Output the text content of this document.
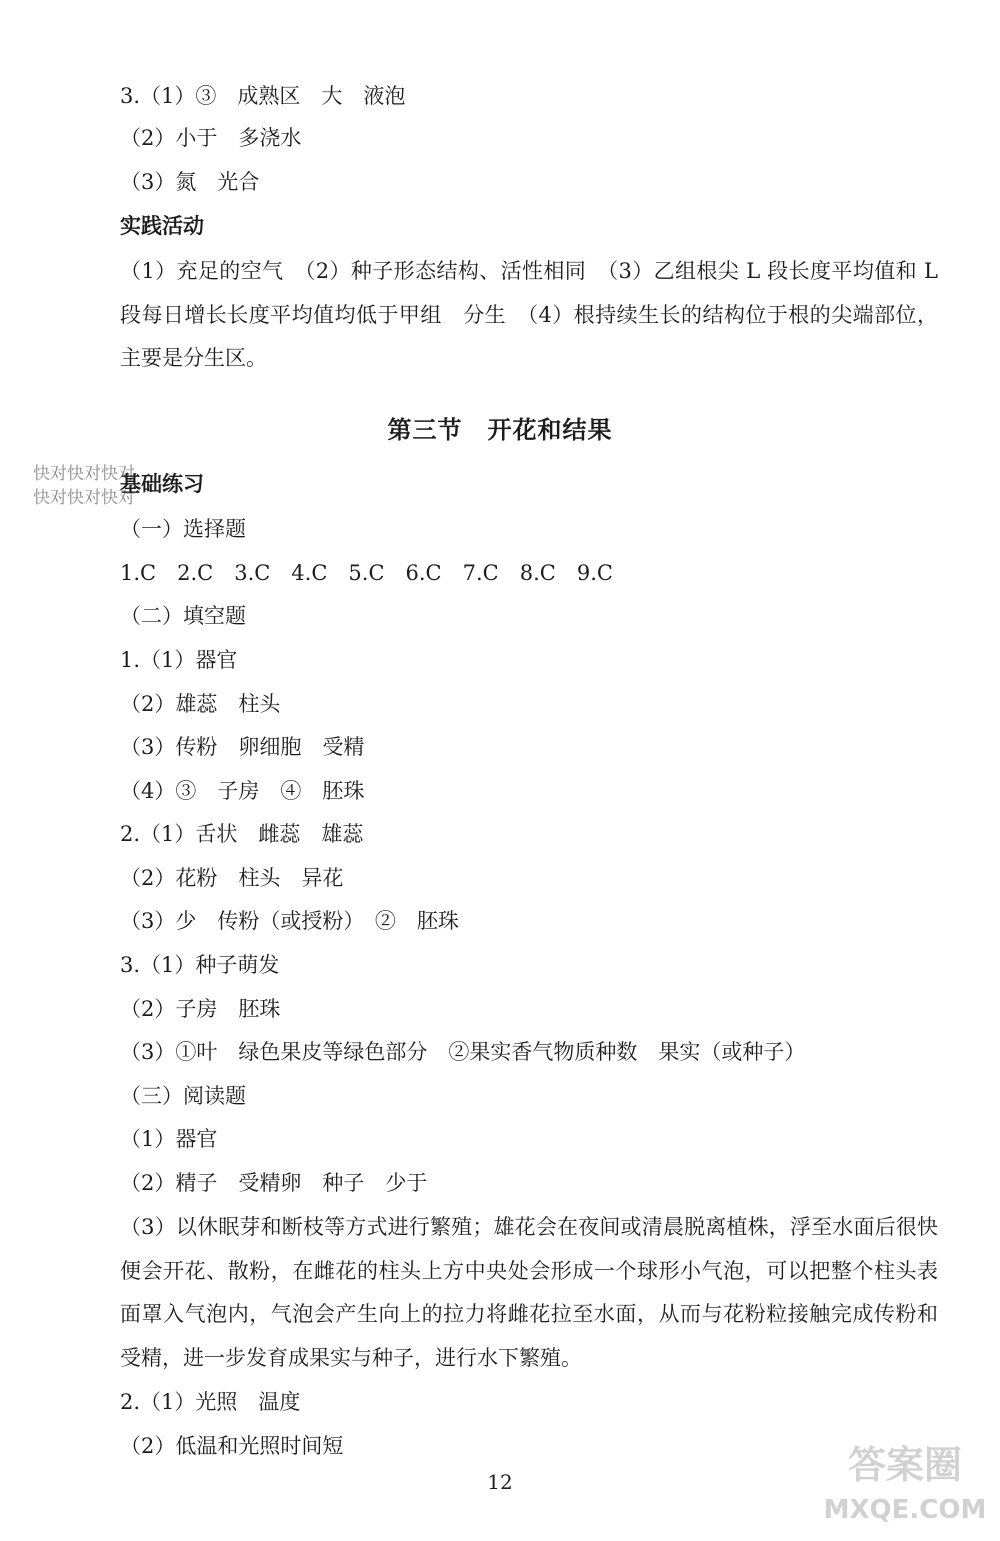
3.（1）③　成熟区　大　液泡
（2）小于　多浇水
（3）氮　光合
实践活动
（1）充足的空气　（2）种子形态结构、活性相同　（3）乙组根尖 L 段长度平均值和 L 段每日增长长度平均值均低于甲组　分生　（4）根持续生长的结构位于根的尖端部位，主要是分生区。
第三节　开花和结果
快对快对快对
快对快对快对
基础练习
（一）选择题
1.C　2.C　3.C　4.C　5.C　6.C　7.C　8.C　9.C
（二）填空题
1.（1）器官
（2）雄蕊　柱头
（3）传粉　卵细胞　受精
（4）③　子房　④　胚珠
2.（1）舌状　雌蕊　雄蕊
（2）花粉　柱头　异花
（3）少　传粉（或授粉）　②　胚珠
3.（1）种子萌发
（2）子房　胚珠
（3）①叶　绿色果皮等绿色部分　②果实香气物质种数　果实（或种子）
（三）阅读题
（1）器官
（2）精子　受精卵　种子　少于
（3）以休眠芽和断枝等方式进行繁殖；雄花会在夜间或清晨脱离植株，浮至水面后很快便会开花、散粉，在雌花的柱头上方中央处会形成一个球形小气泡，可以把整个柱头表面罩入气泡内，气泡会产生向上的拉力将雌花拉至水面，从而与花粉粒接触完成传粉和受精，进一步发育成果实与种子，进行水下繁殖。
2.（1）光照　温度
（2）低温和光照时间短
12	答案圈
MXQE.COM
